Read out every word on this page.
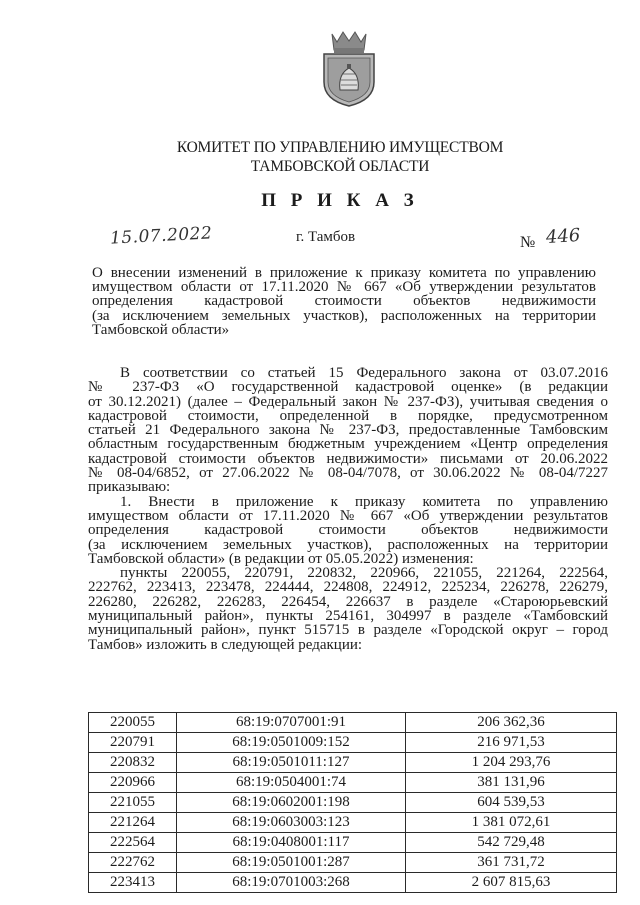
КОМИТЕТ ПО УПРАВЛЕНИЮ ИМУЩЕСТВОМ
ТАМБОВСКОЙ ОБЛАСТИ
П Р И К А З
15.07.2022	г. Тамбов	№ 446
О внесении изменений в приложение к приказу комитета по управлению
имуществом области от 17.11.2020 № 667 «Об утверждении результатов
определения кадастровой стоимости объектов недвижимости
(за исключением земельных участков), расположенных на территории
Тамбовской области»
В соответствии со статьей 15 Федерального закона от 03.07.2016
№ 237-ФЗ «О государственной кадастровой оценке» (в редакции
от 30.12.2021) (далее – Федеральный закон № 237-ФЗ), учитывая сведения о
кадастровой стоимости, определенной в порядке, предусмотренном
статьей 21 Федерального закона № 237-ФЗ, предоставленные Тамбовским
областным государственным бюджетным учреждением «Центр определения
кадастровой стоимости объектов недвижимости» письмами от 20.06.2022
№ 08-04/6852, от 27.06.2022 № 08-04/7078, от 30.06.2022 № 08-04/7227
приказываю:
1. Внести в приложение к приказу комитета по управлению
имуществом области от 17.11.2020 № 667 «Об утверждении результатов
определения кадастровой стоимости объектов недвижимости
(за исключением земельных участков), расположенных на территории
Тамбовской области» (в редакции от 05.05.2022) изменения:
пункты 220055, 220791, 220832, 220966, 221055, 221264, 222564,
222762, 223413, 223478, 224444, 224808, 224912, 225234, 226278, 226279,
226280, 226282, 226283, 226454, 226637 в разделе «Староюрьевский
муниципальный район», пункты 254161, 304997 в разделе «Тамбовский
муниципальный район», пункт 515715 в разделе «Городской округ – город
Тамбов» изложить в следующей редакции:
220055	68:19:0707001:91	206 362,36
220791	68:19:0501009:152	216 971,53
220832	68:19:0501011:127	1 204 293,76
220966	68:19:0504001:74	381 131,96
221055	68:19:0602001:198	604 539,53
221264	68:19:0603003:123	1 381 072,61
222564	68:19:0408001:117	542 729,48
222762	68:19:0501001:287	361 731,72
223413	68:19:0701003:268	2 607 815,63
